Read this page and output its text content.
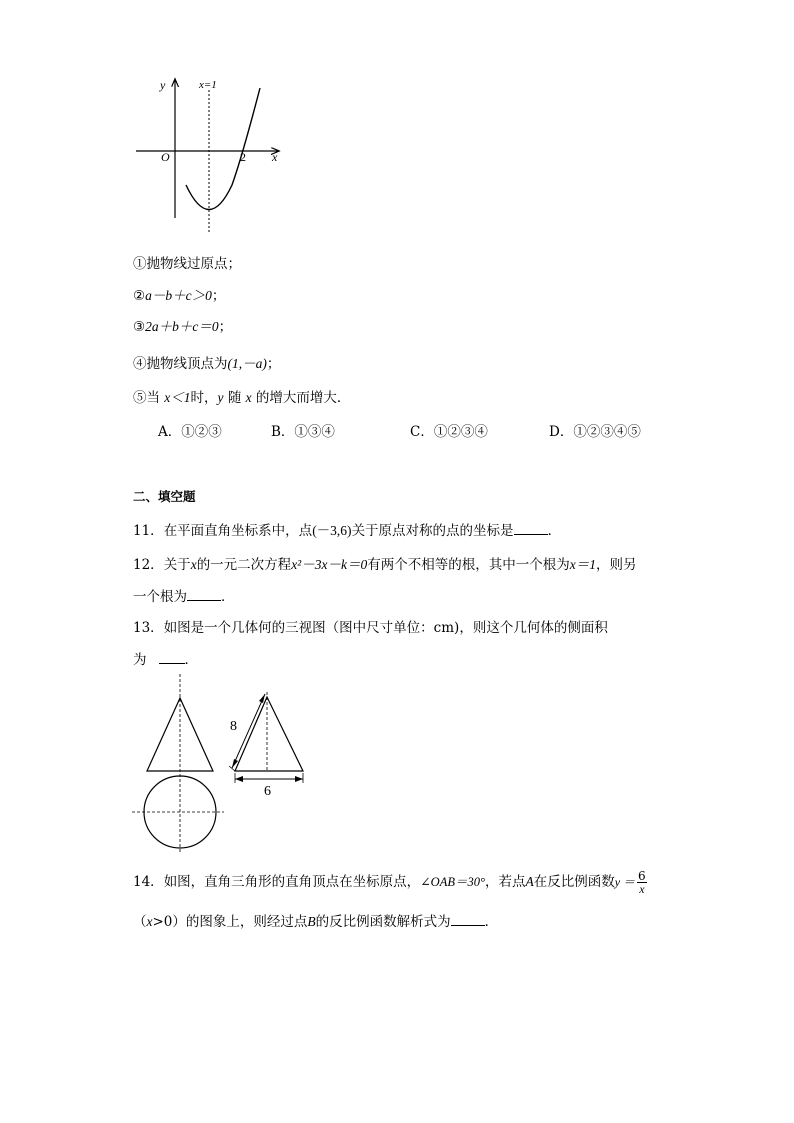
y
x
O
x=1
2
①抛物线过原点；
②a－b＋c＞0；
③2a＋b＋c＝0；
④抛物线顶点为(1,－a)；
⑤当 x＜1时，y 随 x 的增大而增大．
A．①②③	B．①③④	C．①②③④	D．①②③④⑤
二、填空题
11．在平面直角坐标系中，点(－3,6)关于原点对称的点的坐标是	．
12．关于x的一元二次方程x²－3x－k＝0有两个不相等的根，其中一个根为x＝1，则另
一个根为	．
13．如图是一个几体何的三视图（图中尺寸单位：cm)，则这个几何体的侧面积
为	．
8
6
14．如图，直角三角形的直角顶点在坐标原点，∠OAB＝30°，若点A在反比例函数$y = \frac{6}{x}$
（x>0）的图象上，则经过点B的反比例函数解析式为	．
